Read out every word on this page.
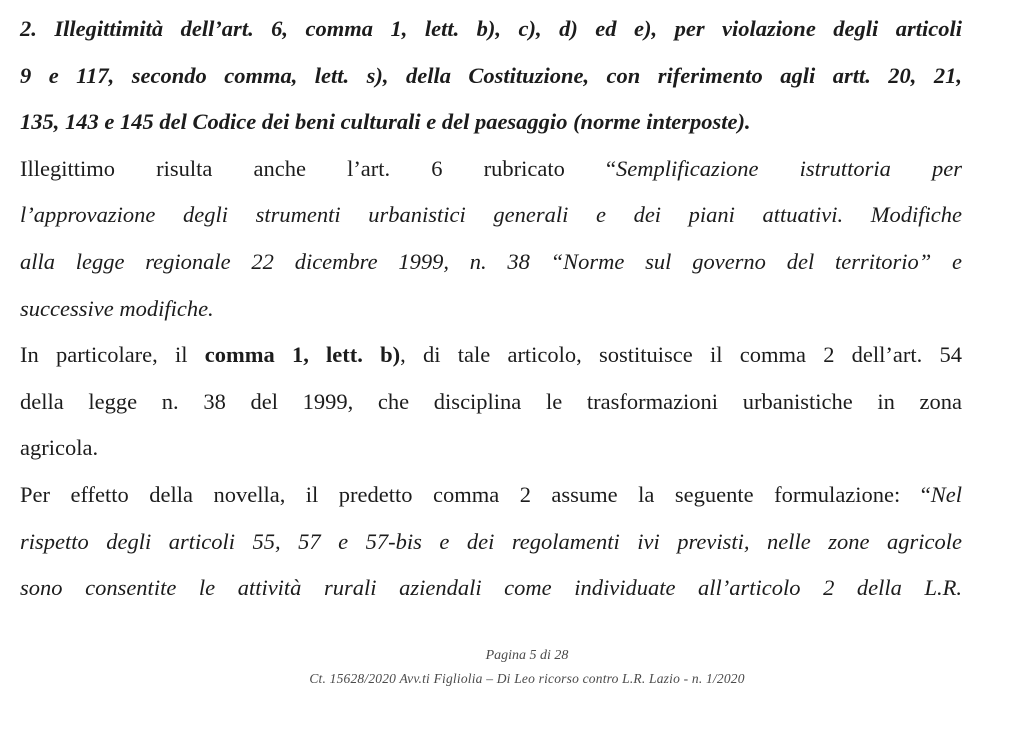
2. Illegittimità dell’art. 6, comma 1, lett. b), c), d) ed e), per violazione degli articoli

9 e 117, secondo comma, lett. s), della Costituzione, con riferimento agli artt. 20, 21,

135, 143 e 145 del Codice dei beni culturali e del paesaggio (norme interposte).

Illegittimo risulta anche l’art. 6 rubricato “Semplificazione istruttoria per

l’approvazione degli strumenti urbanistici generali e dei piani attuativi. Modifiche

alla legge regionale 22 dicembre 1999, n. 38 “Norme sul governo del territorio” e

successive modifiche.

In particolare, il comma 1, lett. b), di tale articolo, sostituisce il comma 2 dell’art. 54

della legge n. 38 del 1999, che disciplina le trasformazioni urbanistiche in zona

agricola.

Per effetto della novella, il predetto comma 2 assume la seguente formulazione: “Nel

rispetto degli articoli 55, 57 e 57-bis e dei regolamenti ivi previsti, nelle zone agricole

sono consentite le attività rurali aziendali come individuate all’articolo 2 della L.R.

Pagina 5 di 28
Ct. 15628/2020 Avv.ti Figliolia – Di Leo ricorso contro L.R. Lazio - n. 1/2020
